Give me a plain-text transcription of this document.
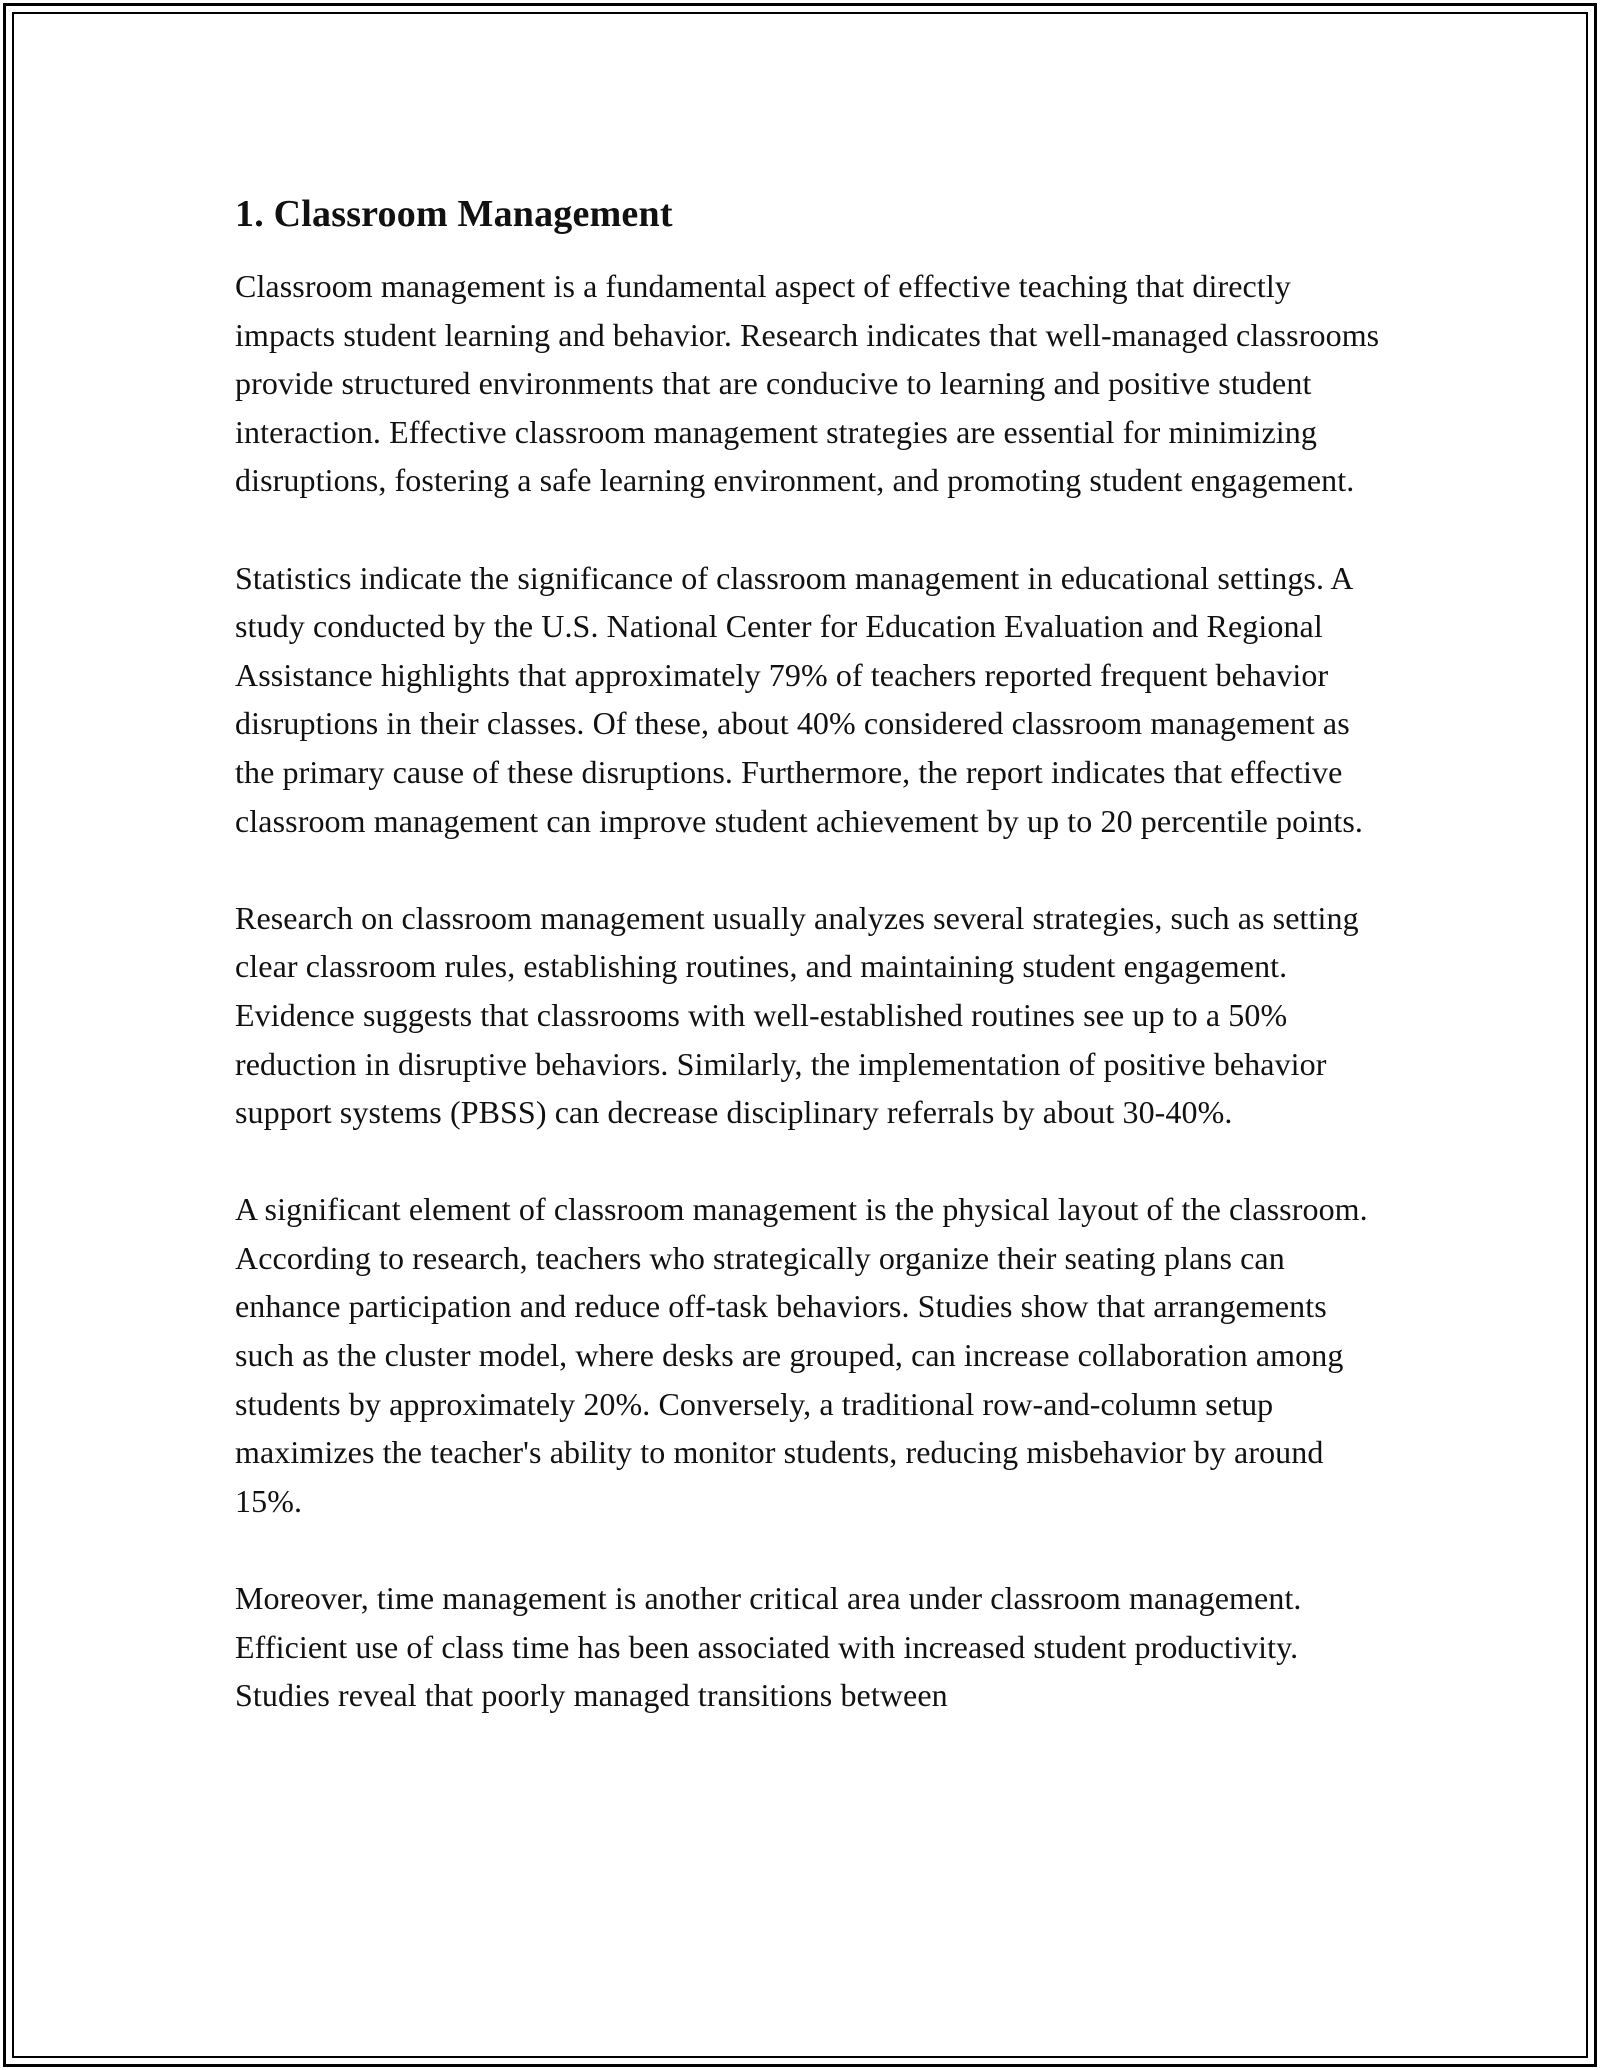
1. Classroom Management

Classroom management is a fundamental aspect of effective teaching that directly impacts student learning and behavior. Research indicates that well-managed classrooms provide structured environments that are conducive to learning and positive student interaction. Effective classroom management strategies are essential for minimizing disruptions, fostering a safe learning environment, and promoting student engagement.

Statistics indicate the significance of classroom management in educational settings. A study conducted by the U.S. National Center for Education Evaluation and Regional Assistance highlights that approximately 79% of teachers reported frequent behavior disruptions in their classes. Of these, about 40% considered classroom management as the primary cause of these disruptions. Furthermore, the report indicates that effective classroom management can improve student achievement by up to 20 percentile points.

Research on classroom management usually analyzes several strategies, such as setting clear classroom rules, establishing routines, and maintaining student engagement. Evidence suggests that classrooms with well-established routines see up to a 50% reduction in disruptive behaviors. Similarly, the implementation of positive behavior support systems (PBSS) can decrease disciplinary referrals by about 30-40%.

A significant element of classroom management is the physical layout of the classroom. According to research, teachers who strategically organize their seating plans can enhance participation and reduce off-task behaviors. Studies show that arrangements such as the cluster model, where desks are grouped, can increase collaboration among students by approximately 20%. Conversely, a traditional row-and-column setup maximizes the teacher's ability to monitor students, reducing misbehavior by around 15%.

Moreover, time management is another critical area under classroom management. Efficient use of class time has been associated with increased student productivity. Studies reveal that poorly managed transitions between
